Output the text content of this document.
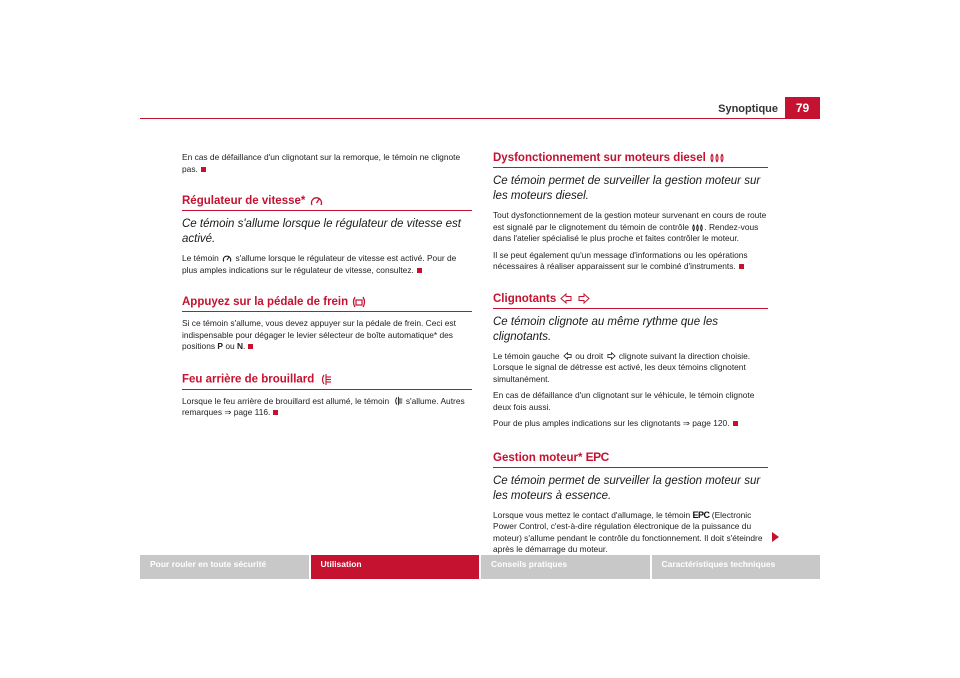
Synoptique	79

En cas de défaillance d'un clignotant sur la remorque, le témoin ne clignote pas.

Régulateur de vitesse*
Ce témoin s'allume lorsque le régulateur de vitesse est activé.

Le témoin s'allume lorsque le régulateur de vitesse est activé. Pour de plus amples indications sur le régulateur de vitesse, consultez.

Appuyez sur la pédale de frein

Si ce témoin s'allume, vous devez appuyer sur la pédale de frein. Ceci est indispensable pour dégager le levier sélecteur de boîte automatique* des positions P ou N.

Feu arrière de brouillard

Lorsque le feu arrière de brouillard est allumé, le témoin s'allume. Autres remarques ⇒ page 116.

Dysfonctionnement sur moteurs diesel
Ce témoin permet de surveiller la gestion moteur sur les moteurs diesel.

Tout dysfonctionnement de la gestion moteur survenant en cours de route est signalé par le clignotement du témoin de contrôle . Rendez-vous dans l'atelier spécialisé le plus proche et faites contrôler le moteur.

Il se peut également qu'un message d'informations ou les opérations nécessaires à réaliser apparaissent sur le combiné d'instruments.

Clignotants
Ce témoin clignote au même rythme que les clignotants.

Le témoin gauche ou droit clignote suivant la direction choisie. Lorsque le signal de détresse est activé, les deux témoins clignotent simultanément.

En cas de défaillance d'un clignotant sur le véhicule, le témoin clignote deux fois aussi.

Pour de plus amples indications sur les clignotants ⇒ page 120.

Gestion moteur* EPC
Ce témoin permet de surveiller la gestion moteur sur les moteurs à essence.

Lorsque vous mettez le contact d'allumage, le témoin EPC (Electronic Power Control, c'est-à-dire régulation électronique de la puissance du moteur) s'allume pendant le contrôle du fonctionnement. Il doit s'éteindre après le démarrage du moteur.

Pour rouler en toute sécurité	Utilisation	Conseils pratiques	Caractéristiques techniques
